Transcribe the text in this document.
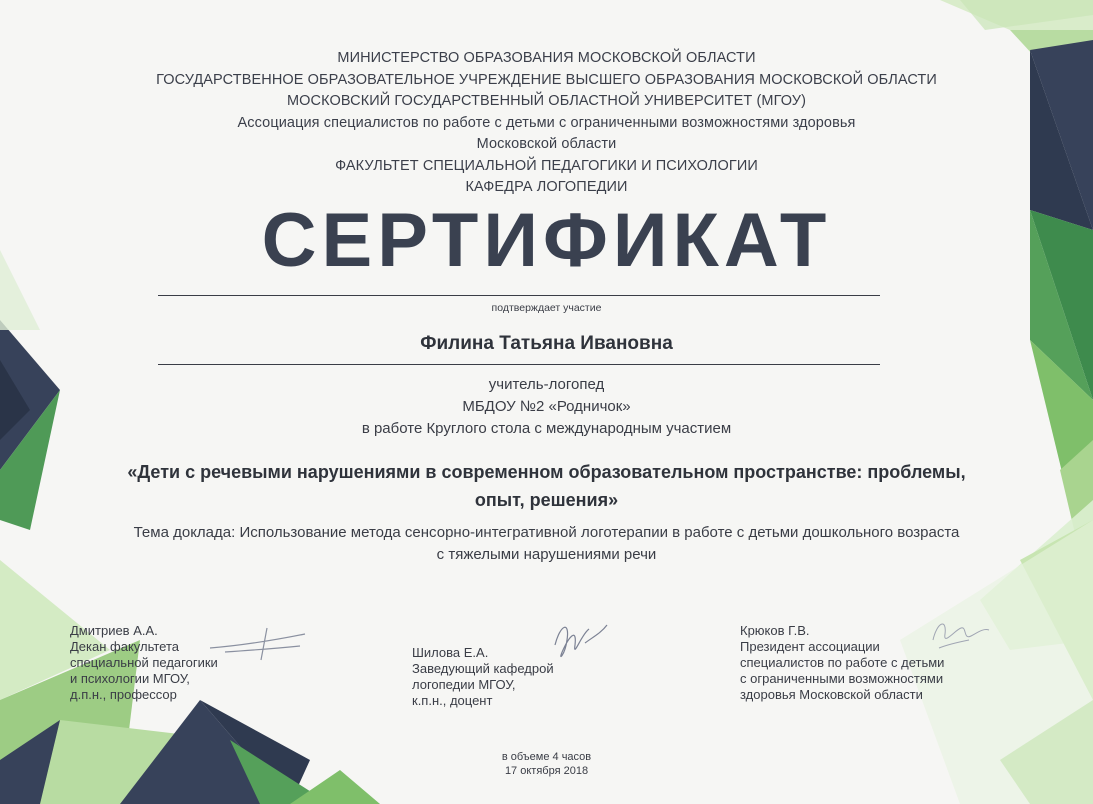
МИНИСТЕРСТВО ОБРАЗОВАНИЯ МОСКОВСКОЙ ОБЛАСТИ
ГОСУДАРСТВЕННОЕ ОБРАЗОВАТЕЛЬНОЕ УЧРЕЖДЕНИЕ ВЫСШЕГО ОБРАЗОВАНИЯ МОСКОВСКОЙ ОБЛАСТИ
МОСКОВСКИЙ ГОСУДАРСТВЕННЫЙ ОБЛАСТНОЙ УНИВЕРСИТЕТ (МГОУ)
Ассоциация специалистов по работе с детьми с ограниченными возможностями здоровья
Московской области
ФАКУЛЬТЕТ СПЕЦИАЛЬНОЙ ПЕДАГОГИКИ И ПСИХОЛОГИИ
КАФЕДРА ЛОГОПЕДИИ
СЕРТИФИКАТ
подтверждает участие
Филина Татьяна Ивановна
учитель-логопед
МБДОУ №2 «Родничок»
в работе Круглого стола с международным участием
«Дети с речевыми нарушениями в современном образовательном пространстве: проблемы,
опыт, решения»
Тема доклада: Использование метода сенсорно-интегративной логотерапии в работе с детьми дошкольного возраста
с тяжелыми нарушениями речи
Дмитриев А.А.
Декан факультета
специальной педагогики
и психологии МГОУ,
д.п.н., профессор
Шилова Е.А.
Заведующий кафедрой
логопедии МГОУ,
к.п.н., доцент
Крюков Г.В.
Президент ассоциации
специалистов по работе с детьми
с ограниченными возможностями
здоровья Московской области
в объеме 4 часов
17 октября 2018
